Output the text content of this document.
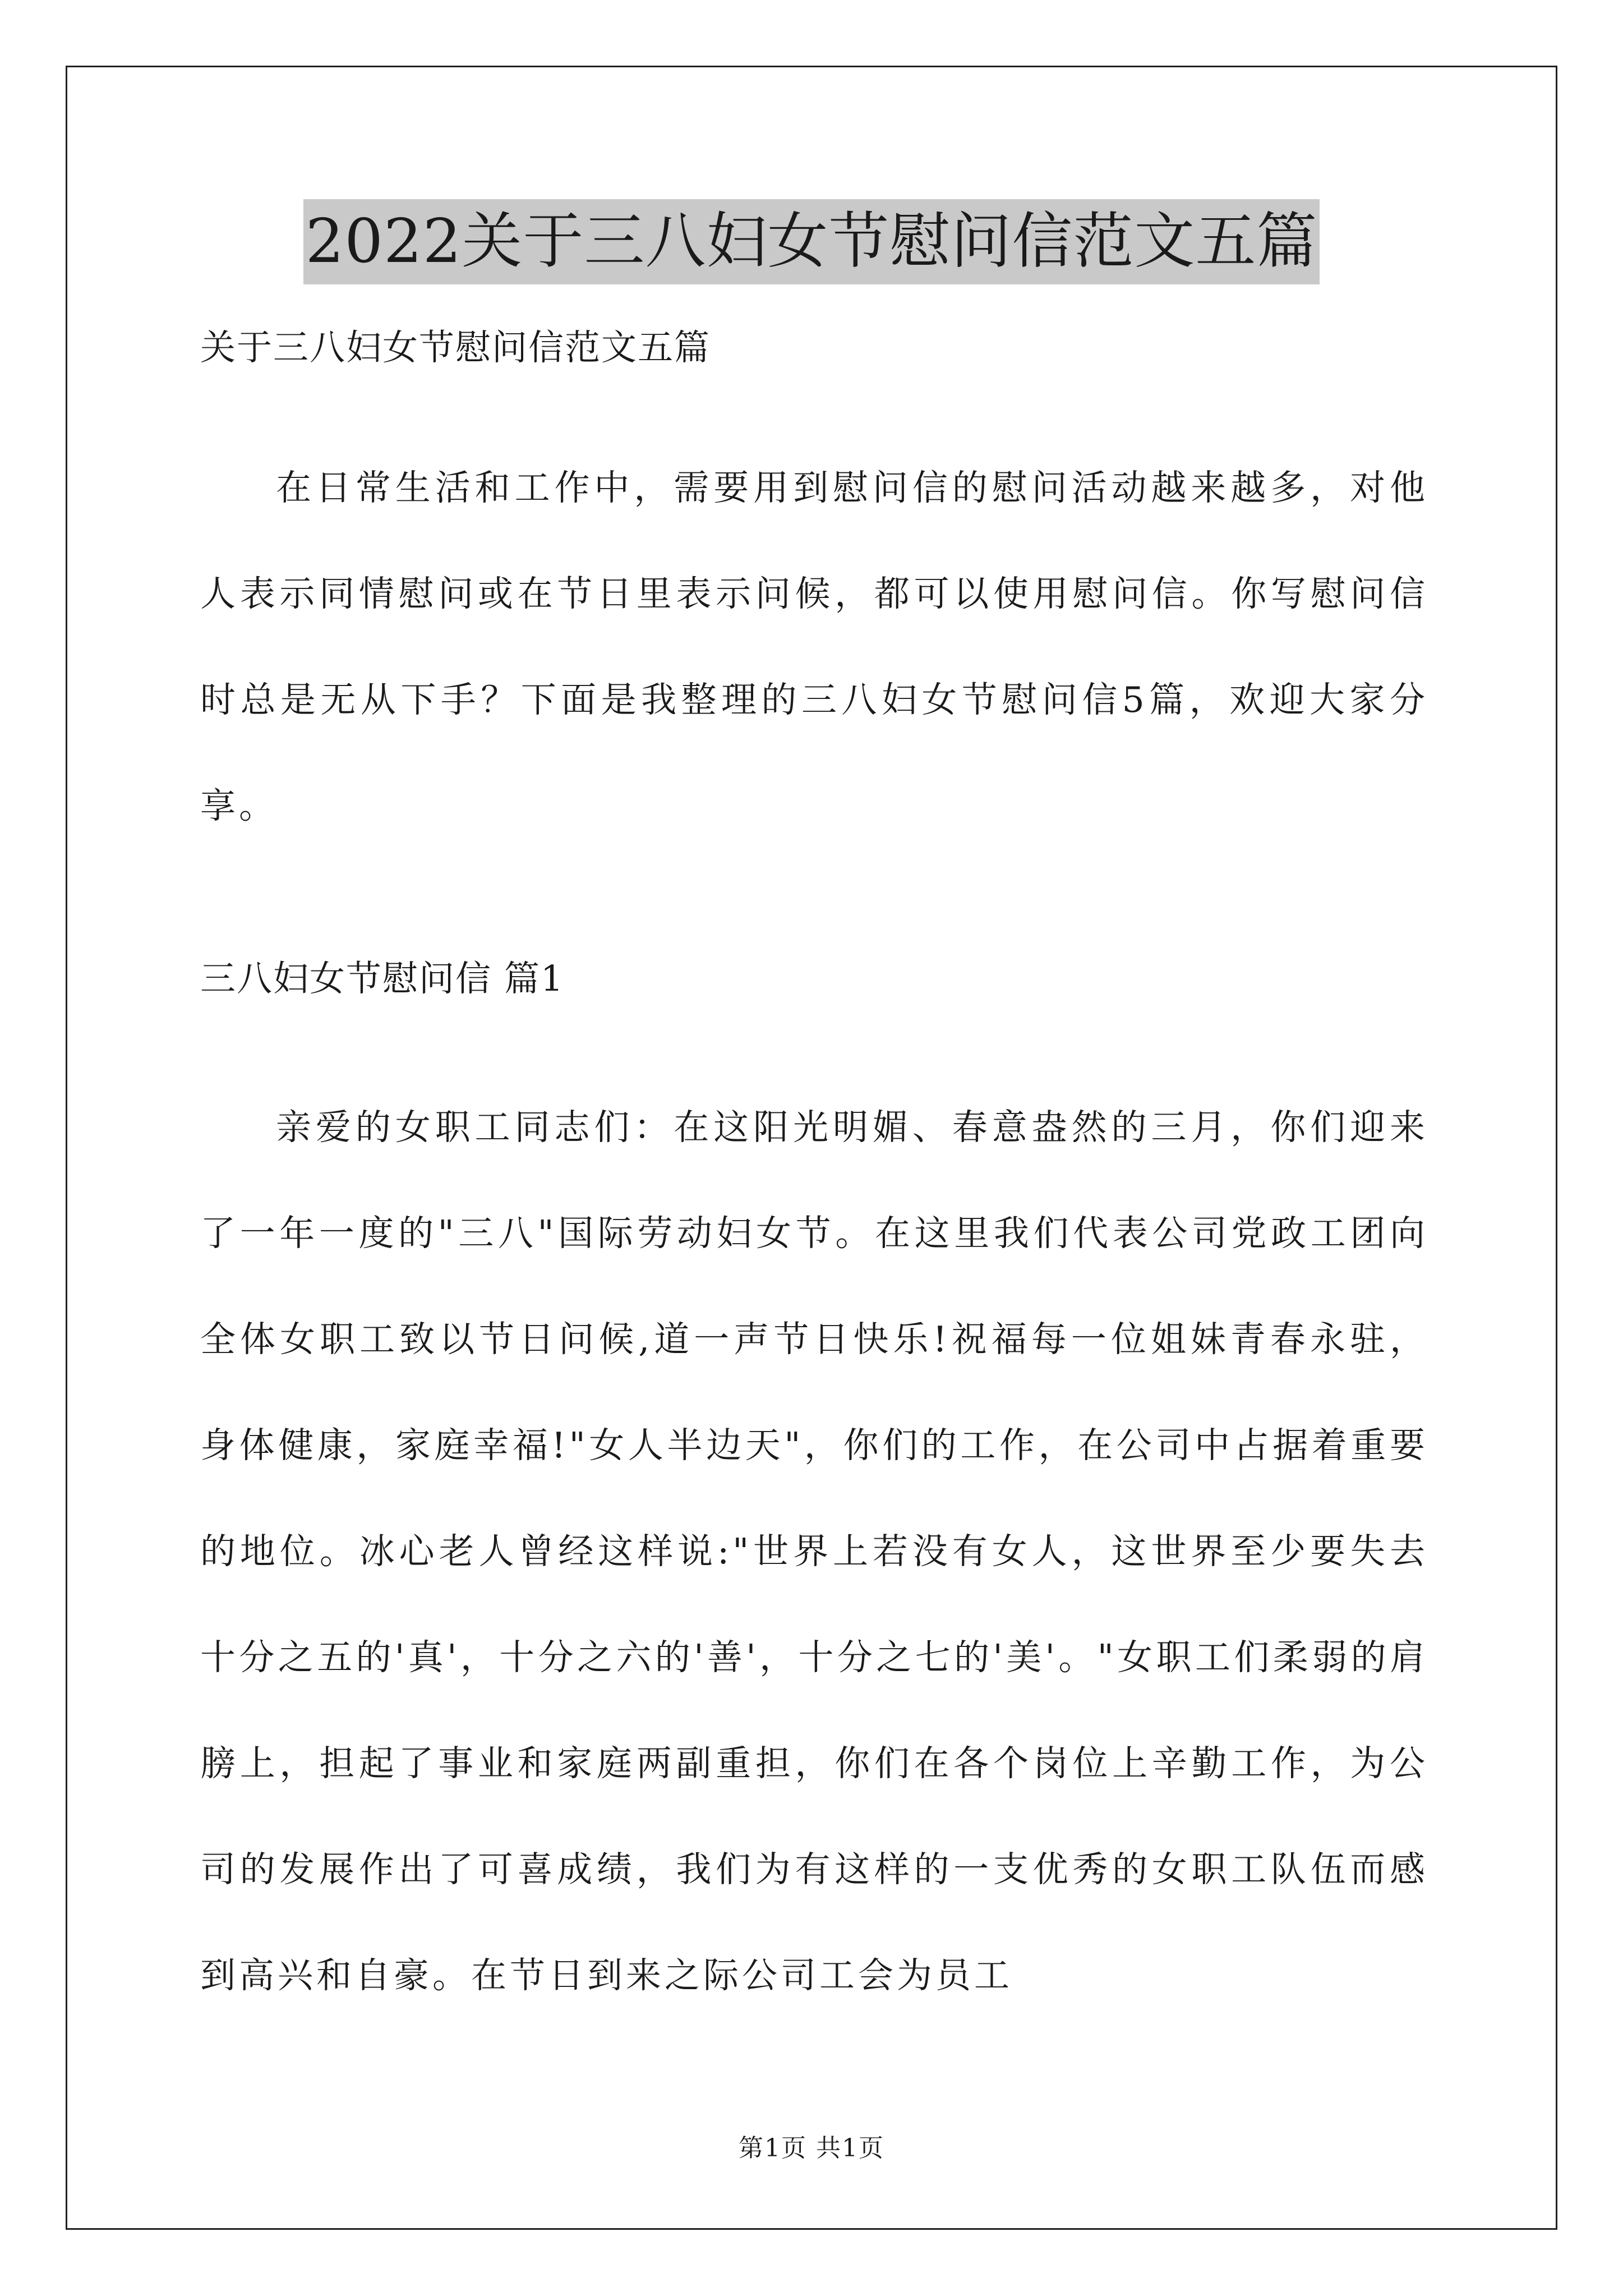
2022关于三八妇女节慰问信范文五篇
关于三八妇女节慰问信范文五篇
在日常生活和工作中，需要用到慰问信的慰问活动越来越多，对他人表示同情慰问或在节日里表示问候，都可以使用慰问信。你写慰问信时总是无从下手？下面是我整理的三八妇女节慰问信5篇，欢迎大家分享。
三八妇女节慰问信 篇1
亲爱的女职工同志们：在这阳光明媚、春意盎然的三月，你们迎来了一年一度的"三八"国际劳动妇女节。在这里我们代表公司党政工团向全体女职工致以节日问候,道一声节日快乐!祝福每一位姐妹青春永驻，身体健康，家庭幸福!"女人半边天"，你们的工作，在公司中占据着重要的地位。冰心老人曾经这样说:"世界上若没有女人，这世界至少要失去十分之五的'真'，十分之六的'善'，十分之七的'美'。"女职工们柔弱的肩膀上，担起了事业和家庭两副重担，你们在各个岗位上辛勤工作，为公司的发展作出了可喜成绩，我们为有这样的一支优秀的女职工队伍而感到高兴和自豪。在节日到来之际公司工会为员工
第1页 共1页
